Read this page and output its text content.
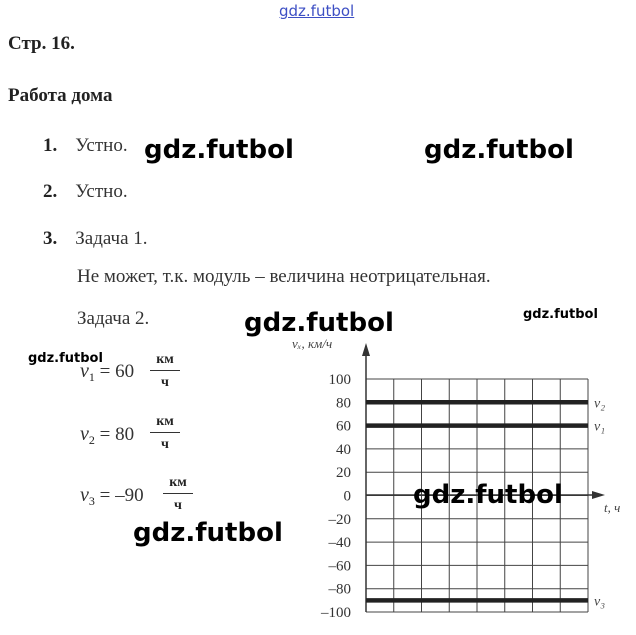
gdz.futbol
Стр. 16.
Работа дома
1. Устно.
2. Устно.
3. Задача 1.
Не может, т.к. модуль – величина неотрицательная.
Задача 2.
$v_1 = 60$
км
ч
$v_2 = 80$
км
ч
$v_3 = -90$
км
ч
100
80
60
40
20
0
–20
–40
–60
–80
–100
v₂
v₁
v₃
vₓ, км/ч
t, ч
gdz.futbol	gdz.futbol
gdz.futbol	gdz.futbol
gdz.futbol
gdz.futbol
gdz.futbol
